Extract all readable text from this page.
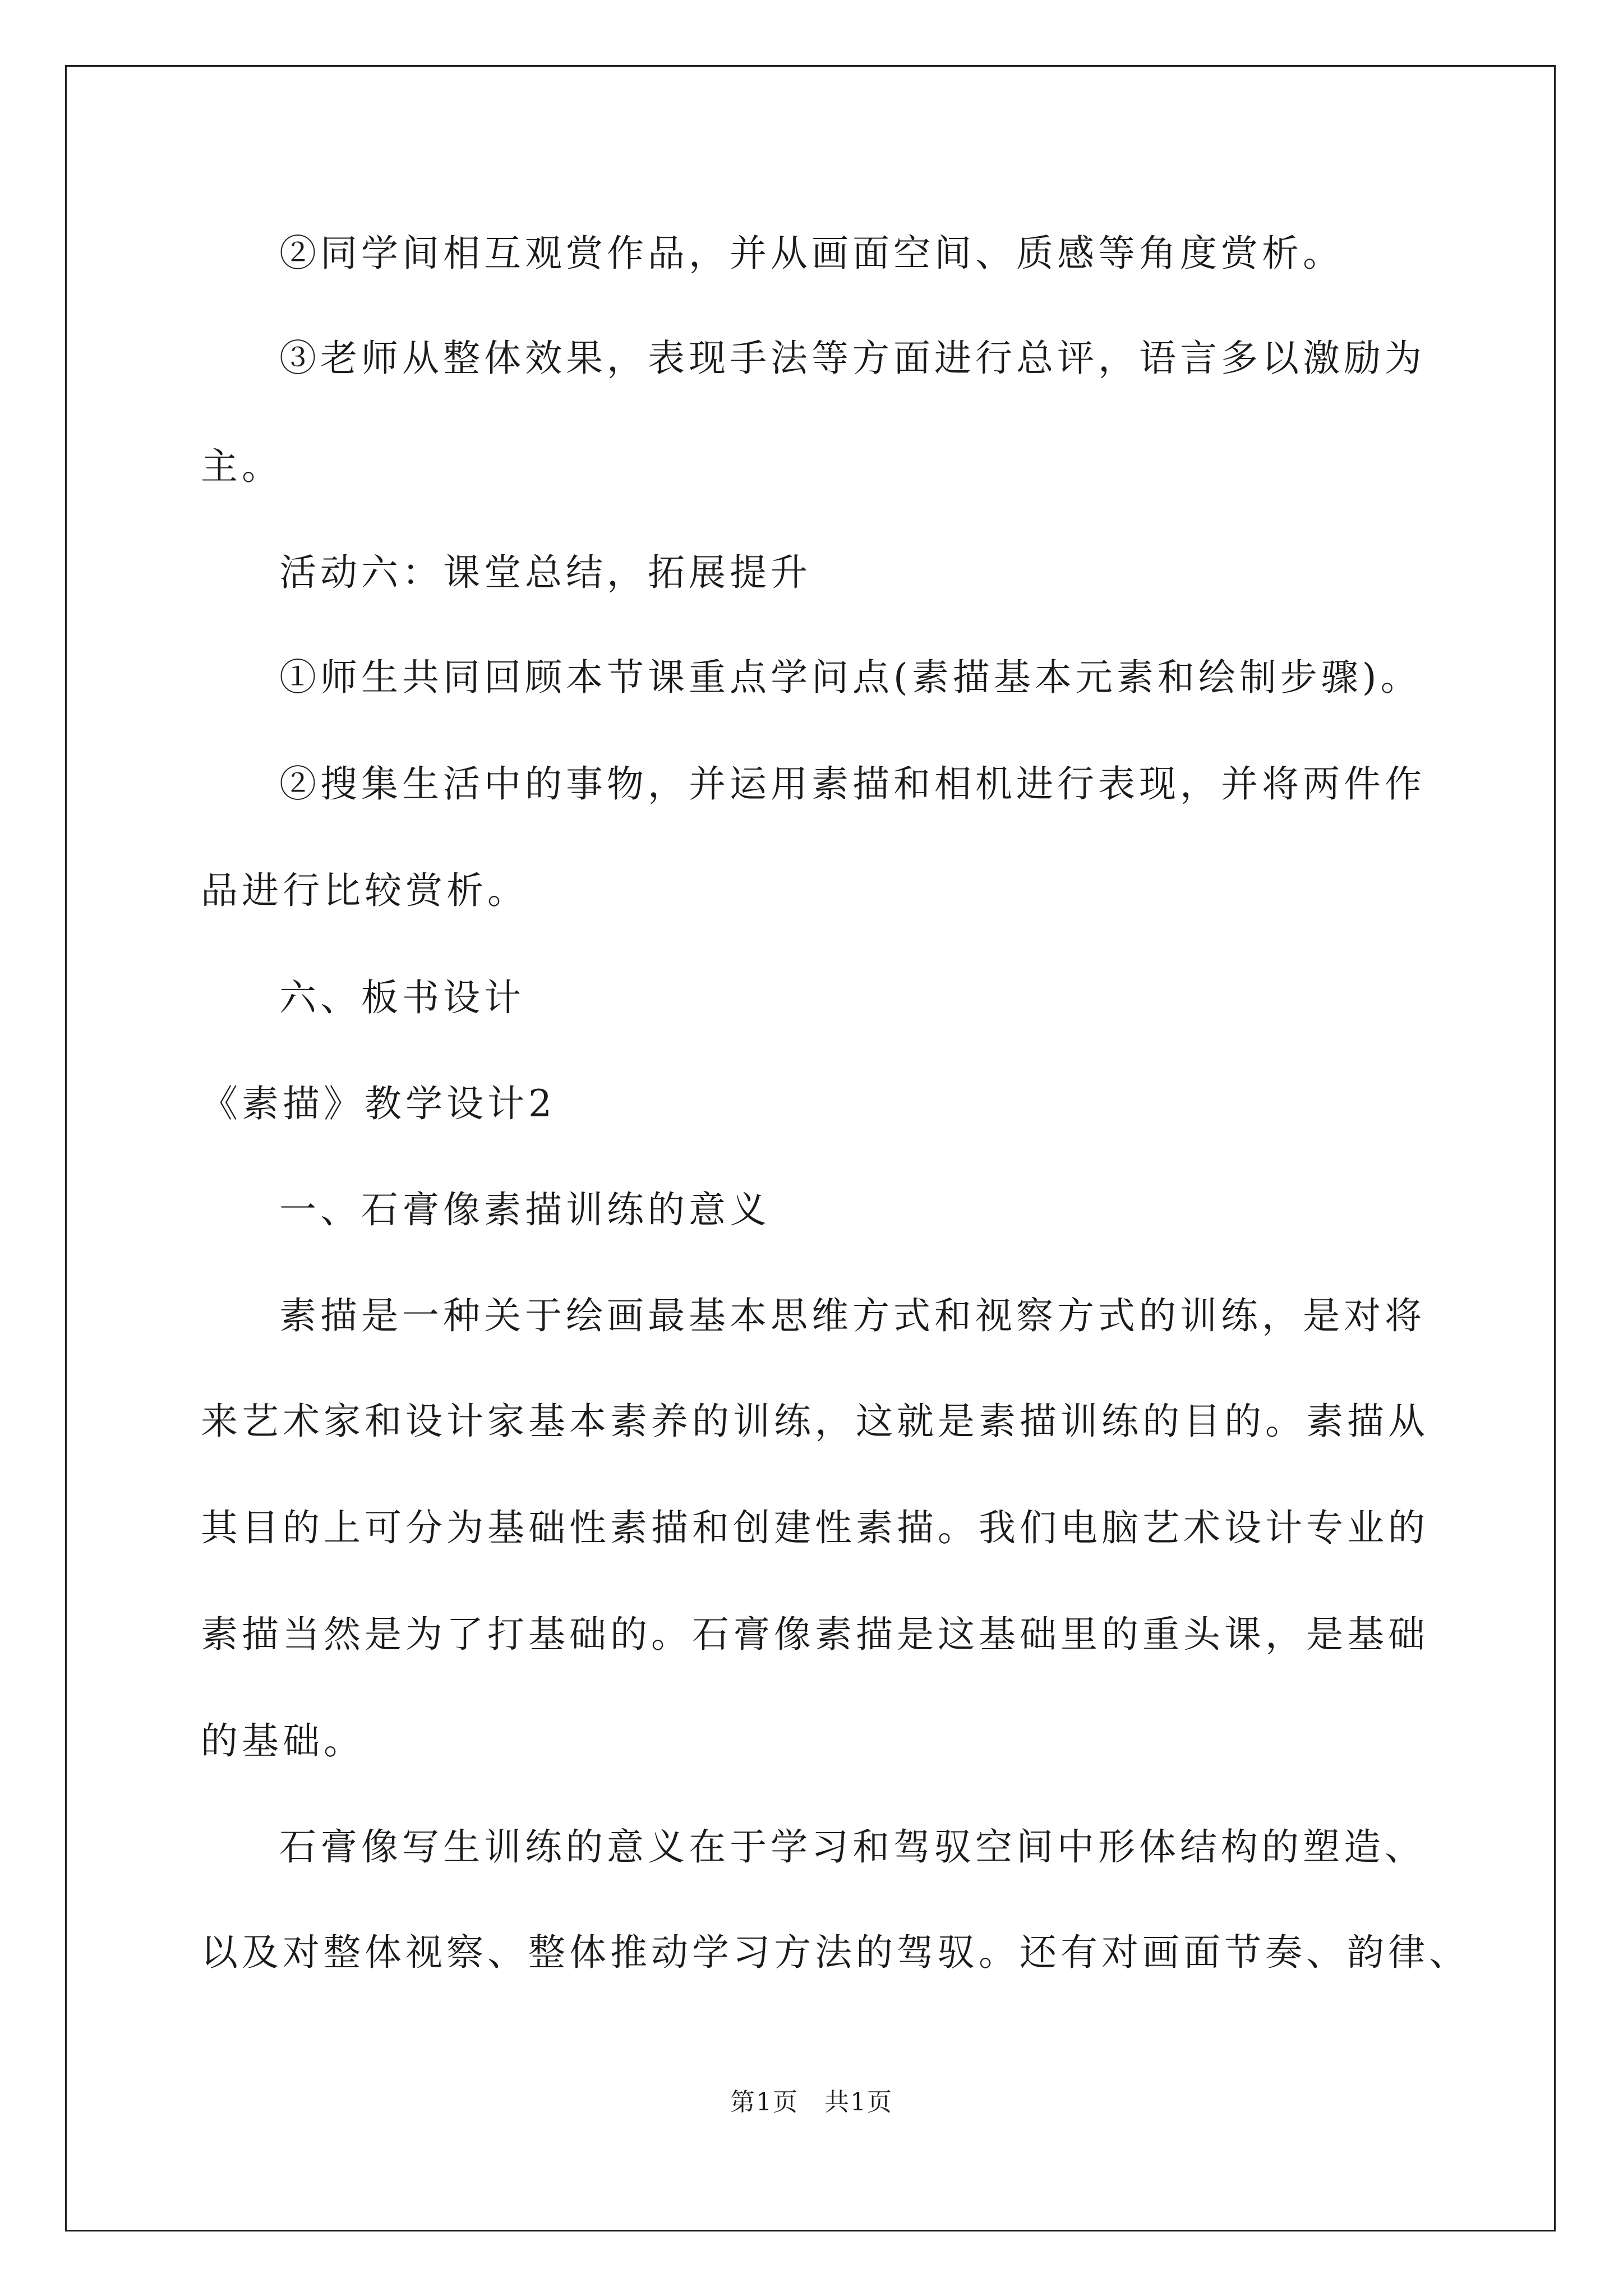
②同学间相互观赏作品，并从画面空间、质感等角度赏析。
③老师从整体效果，表现手法等方面进行总评，语言多以激励为
主。
活动六：课堂总结，拓展提升
①师生共同回顾本节课重点学问点(素描基本元素和绘制步骤)。
②搜集生活中的事物，并运用素描和相机进行表现，并将两件作
品进行比较赏析。
六、板书设计
《素描》教学设计2
一、石膏像素描训练的意义
素描是一种关于绘画最基本思维方式和视察方式的训练，是对将
来艺术家和设计家基本素养的训练，这就是素描训练的目的。素描从
其目的上可分为基础性素描和创建性素描。我们电脑艺术设计专业的
素描当然是为了打基础的。石膏像素描是这基础里的重头课，是基础
的基础。
石膏像写生训练的意义在于学习和驾驭空间中形体结构的塑造、
以及对整体视察、整体推动学习方法的驾驭。还有对画面节奏、韵律、
第1页　共1页
